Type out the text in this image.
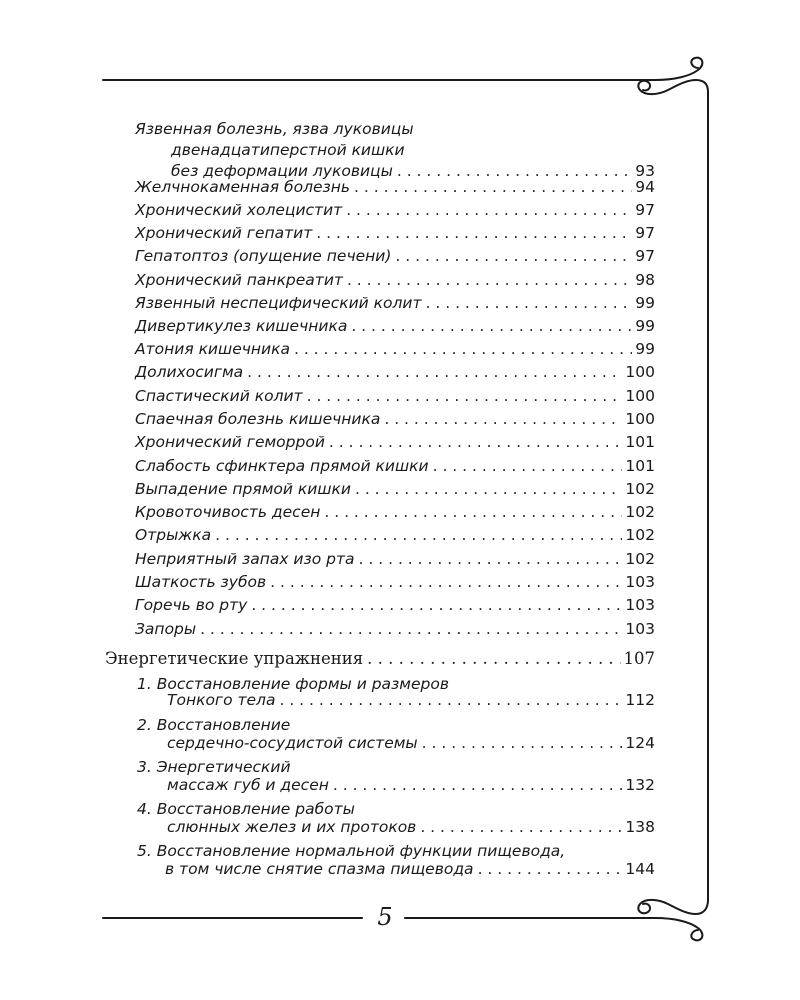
Язвенная болезнь, язва луковицы
двенадцатиперстной кишки
без деформации луковицы . . .	93
Желчнокаменная болезнь . . .	94
Хронический холецистит . . .	97
Хронический гепатит . . .	97
Гепатоптоз (опущение печени) . . .	97
Хронический панкреатит . . .	98
Язвенный неспецифический колит . . .	99
Дивертикулез кишечника . . .	99
Атония кишечника . . .	99
Долихосигма . . .	100
Спастический колит . . .	100
Спаечная болезнь кишечника . . .	100
Хронический геморрой . . .	101
Слабость сфинктера прямой кишки . . .	101
Выпадение прямой кишки . . .	102
Кровоточивость десен . . .	102
Отрыжка . . .	102
Неприятный запах изо рта . . .	102
Шаткость зубов . . .	103
Горечь во рту . . .	103
Запоры . . .	103
Энергетические упражнения . . .	107
1. Восстановление формы и размеров
Тонкого тела . . .	112
2. Восстановление
сердечно-сосудистой системы . . .	124
3. Энергетический
массаж губ и десен . . .	132
4. Восстановление работы
слюнных желез и их протоков . . .	138
5. Восстановление нормальной функции пищевода,
в том числе снятие спазма пищевода . . .	144
5
